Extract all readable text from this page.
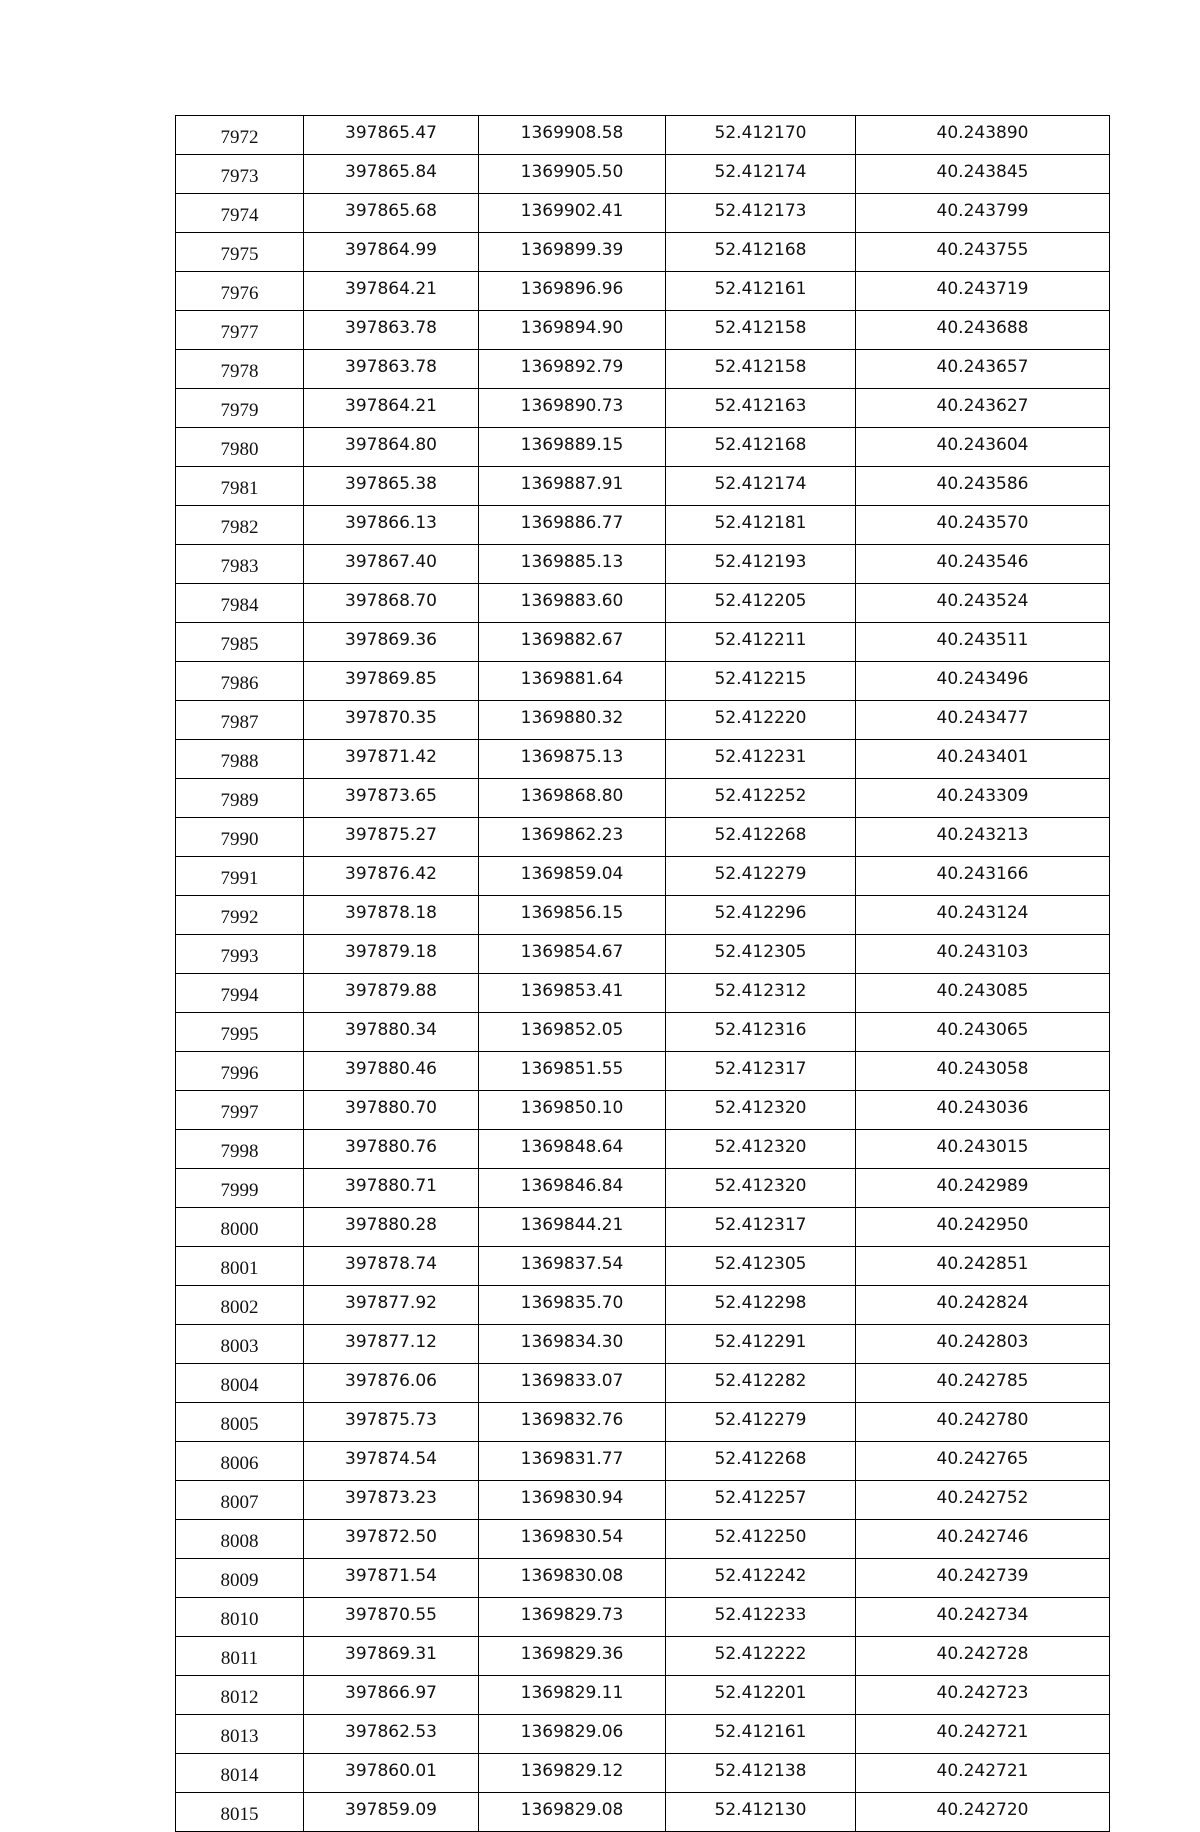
7972	397865.47	1369908.58	52.412170	40.243890
7973	397865.84	1369905.50	52.412174	40.243845
7974	397865.68	1369902.41	52.412173	40.243799
7975	397864.99	1369899.39	52.412168	40.243755
7976	397864.21	1369896.96	52.412161	40.243719
7977	397863.78	1369894.90	52.412158	40.243688
7978	397863.78	1369892.79	52.412158	40.243657
7979	397864.21	1369890.73	52.412163	40.243627
7980	397864.80	1369889.15	52.412168	40.243604
7981	397865.38	1369887.91	52.412174	40.243586
7982	397866.13	1369886.77	52.412181	40.243570
7983	397867.40	1369885.13	52.412193	40.243546
7984	397868.70	1369883.60	52.412205	40.243524
7985	397869.36	1369882.67	52.412211	40.243511
7986	397869.85	1369881.64	52.412215	40.243496
7987	397870.35	1369880.32	52.412220	40.243477
7988	397871.42	1369875.13	52.412231	40.243401
7989	397873.65	1369868.80	52.412252	40.243309
7990	397875.27	1369862.23	52.412268	40.243213
7991	397876.42	1369859.04	52.412279	40.243166
7992	397878.18	1369856.15	52.412296	40.243124
7993	397879.18	1369854.67	52.412305	40.243103
7994	397879.88	1369853.41	52.412312	40.243085
7995	397880.34	1369852.05	52.412316	40.243065
7996	397880.46	1369851.55	52.412317	40.243058
7997	397880.70	1369850.10	52.412320	40.243036
7998	397880.76	1369848.64	52.412320	40.243015
7999	397880.71	1369846.84	52.412320	40.242989
8000	397880.28	1369844.21	52.412317	40.242950
8001	397878.74	1369837.54	52.412305	40.242851
8002	397877.92	1369835.70	52.412298	40.242824
8003	397877.12	1369834.30	52.412291	40.242803
8004	397876.06	1369833.07	52.412282	40.242785
8005	397875.73	1369832.76	52.412279	40.242780
8006	397874.54	1369831.77	52.412268	40.242765
8007	397873.23	1369830.94	52.412257	40.242752
8008	397872.50	1369830.54	52.412250	40.242746
8009	397871.54	1369830.08	52.412242	40.242739
8010	397870.55	1369829.73	52.412233	40.242734
8011	397869.31	1369829.36	52.412222	40.242728
8012	397866.97	1369829.11	52.412201	40.242723
8013	397862.53	1369829.06	52.412161	40.242721
8014	397860.01	1369829.12	52.412138	40.242721
8015	397859.09	1369829.08	52.412130	40.242720
